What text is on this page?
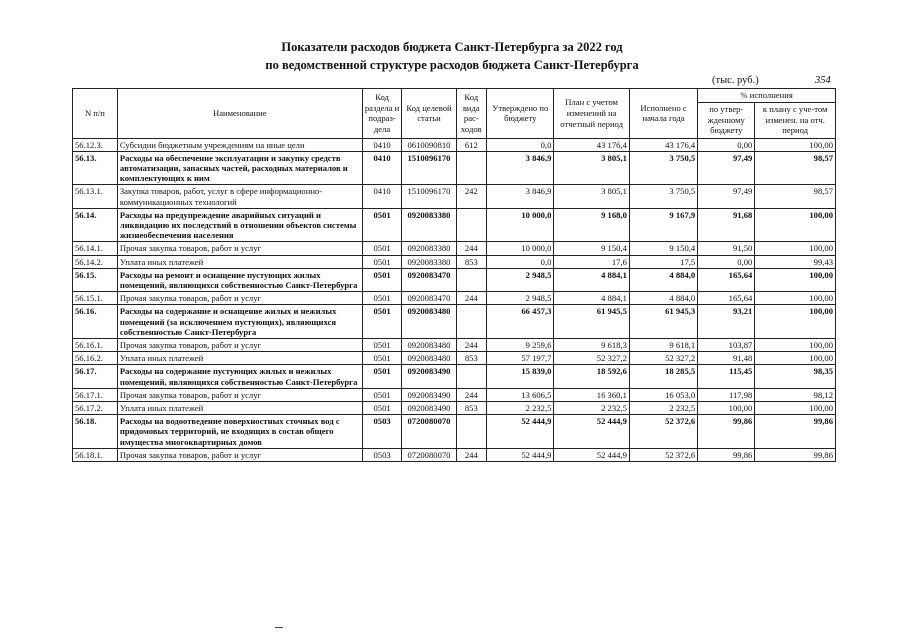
Показатели расходов бюджета Санкт-Петербурга за 2022 год
по ведомственной структуре расходов бюджета Санкт-Петербурга
(тыс. руб.)	354
N п/п	Наименование	Код раздела и подраз-дела	Код целевой статьи	Код вида рас-ходов	Утверждено по бюджету	План с учетом изменений на отчетный период	Исполнено с начала года	% исполнения	
								по утвер-жденному бюджету	к плану с уче-том изменен. на отч. период
56.12.3.	Субсидии бюджетным учреждениям на иные цели	0410	0610090810	612	0,0	43 176,4	43 176,4	0,00	100,00
56.13.	Расходы на обеспечение эксплуатации и закупку средств автоматизации, запасных частей, расходных материалов и комплектующих к ним	0410	1510096170		3 846,9	3 805,1	3 750,5	97,49	98,57
56.13.1.	Закупка товаров, работ, услуг в сфере информационно-коммуникационных технологий	0410	1510096170	242	3 846,9	3 805,1	3 750,5	97,49	98,57
56.14.	Расходы на предупреждение аварийных ситуаций и ликвидацию их последствий в отношении объектов системы жизнеобеспечения населения	0501	0920083380		10 000,0	9 168,0	9 167,9	91,68	100,00
56.14.1.	Прочая закупка товаров, работ и услуг	0501	0920083380	244	10 000,0	9 150,4	9 150,4	91,50	100,00
56.14.2.	Уплата иных платежей	0501	0920083380	853	0,0	17,6	17,5	0,00	99,43
56.15.	Расходы на ремонт и оснащение пустующих жилых помещений, являющихся собственностью Санкт-Петербурга	0501	0920083470		2 948,5	4 884,1	4 884,0	165,64	100,00
56.15.1.	Прочая закупка товаров, работ и услуг	0501	0920083470	244	2 948,5	4 884,1	4 884,0	165,64	100,00
56.16.	Расходы на содержание и оснащение жилых и нежилых помещений (за исключением пустующих), являющихся собственностью Санкт-Петербурга	0501	0920083480		66 457,3	61 945,5	61 945,3	93,21	100,00
56.16.1.	Прочая закупка товаров, работ и услуг	0501	0920083480	244	9 259,6	9 618,3	9 618,1	103,87	100,00
56.16.2.	Уплата иных платежей	0501	0920083480	853	57 197,7	52 327,2	52 327,2	91,48	100,00
56.17.	Расходы на содержание пустующих жилых и нежилых помещений, являющихся собственностью Санкт-Петербурга	0501	0920083490		15 839,0	18 592,6	18 285,5	115,45	98,35
56.17.1.	Прочая закупка товаров, работ и услуг	0501	0920083490	244	13 606,5	16 360,1	16 053,0	117,98	98,12
56.17.2.	Уплата иных платежей	0501	0920083490	853	2 232,5	2 232,5	2 232,5	100,00	100,00
56.18.	Расходы на водоотведение поверхностных сточных вод с придомовых территорий, не входящих в состав общего имущества многоквартирных домов	0503	0720080070		52 444,9	52 444,9	52 372,6	99,86	99,86
56.18.1.	Прочая закупка товаров, работ и услуг	0503	0720080070	244	52 444,9	52 444,9	52 372,6	99,86	99,86
